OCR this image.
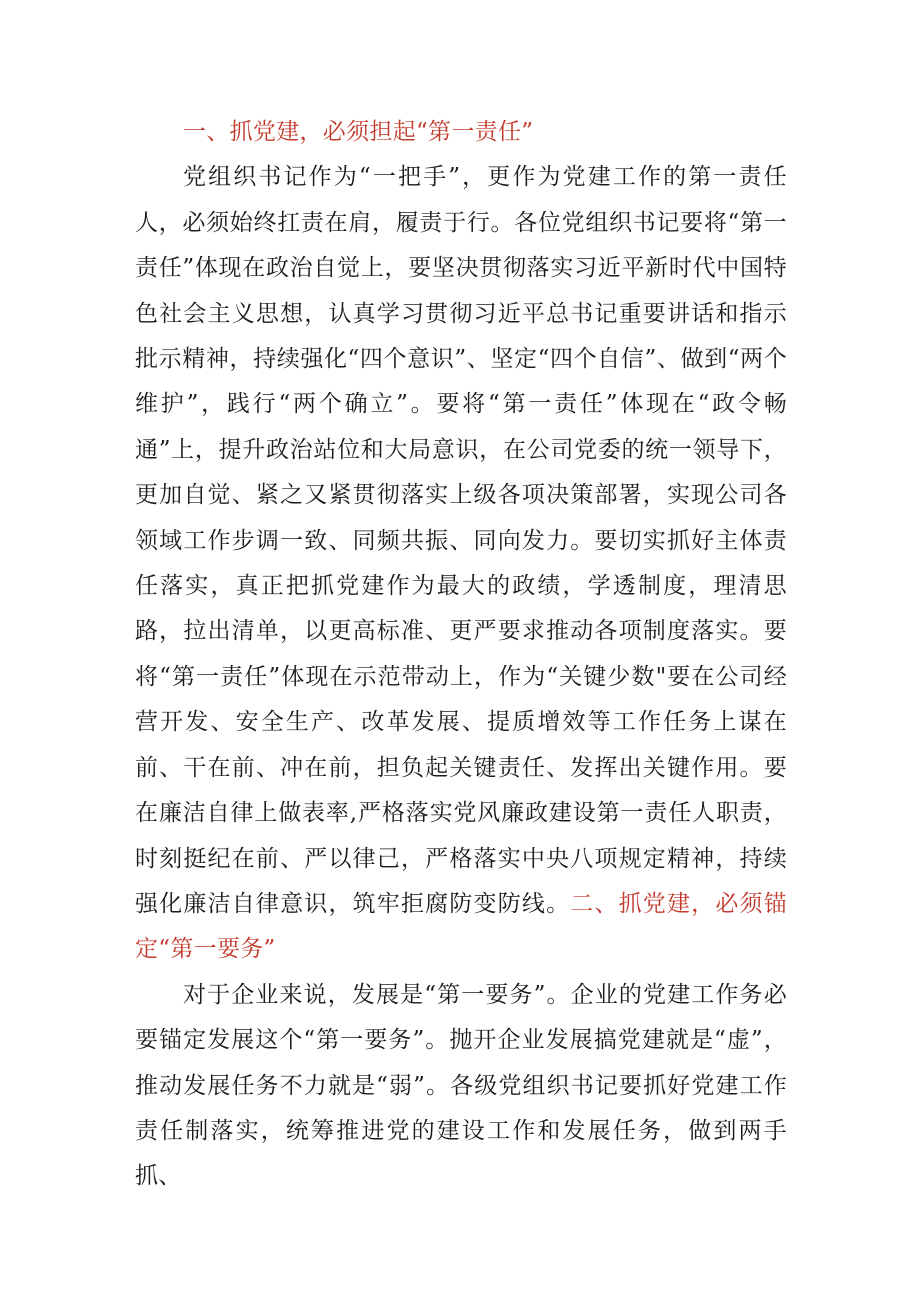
一、抓党建，必须担起“第一责任”

党组织书记作为“一把手”，更作为党建工作的第一责任人，必须始终扛责在肩，履责于行。各位党组织书记要将“第一责任”体现在政治自觉上，要坚决贯彻落实习近平新时代中国特色社会主义思想，认真学习贯彻习近平总书记重要讲话和指示批示精神，持续强化“四个意识”、坚定“四个自信”、做到“两个维护”，践行“两个确立”。要将“第一责任”体现在“政令畅通”上，提升政治站位和大局意识，在公司党委的统一领导下，更加自觉、紧之又紧贯彻落实上级各项决策部署，实现公司各领域工作步调一致、同频共振、同向发力。要切实抓好主体责任落实，真正把抓党建作为最大的政绩，学透制度，理清思路，拉出清单，以更高标准、更严要求推动各项制度落实。要将“第一责任”体现在示范带动上，作为“关键少数"要在公司经营开发、安全生产、改革发展、提质增效等工作任务上谋在前、干在前、冲在前，担负起关键责任、发挥出关键作用。要在廉洁自律上做表率,严格落实党风廉政建设第一责任人职责，时刻挺纪在前、严以律己，严格落实中央八项规定精神，持续强化廉洁自律意识，筑牢拒腐防变防线。二、抓党建，必须锚定“第一要务”

对于企业来说，发展是“第一要务”。企业的党建工作务必要锚定发展这个“第一要务”。抛开企业发展搞党建就是“虚”，推动发展任务不力就是“弱”。各级党组织书记要抓好党建工作责任制落实，统筹推进党的建设工作和发展任务，做到两手抓、
